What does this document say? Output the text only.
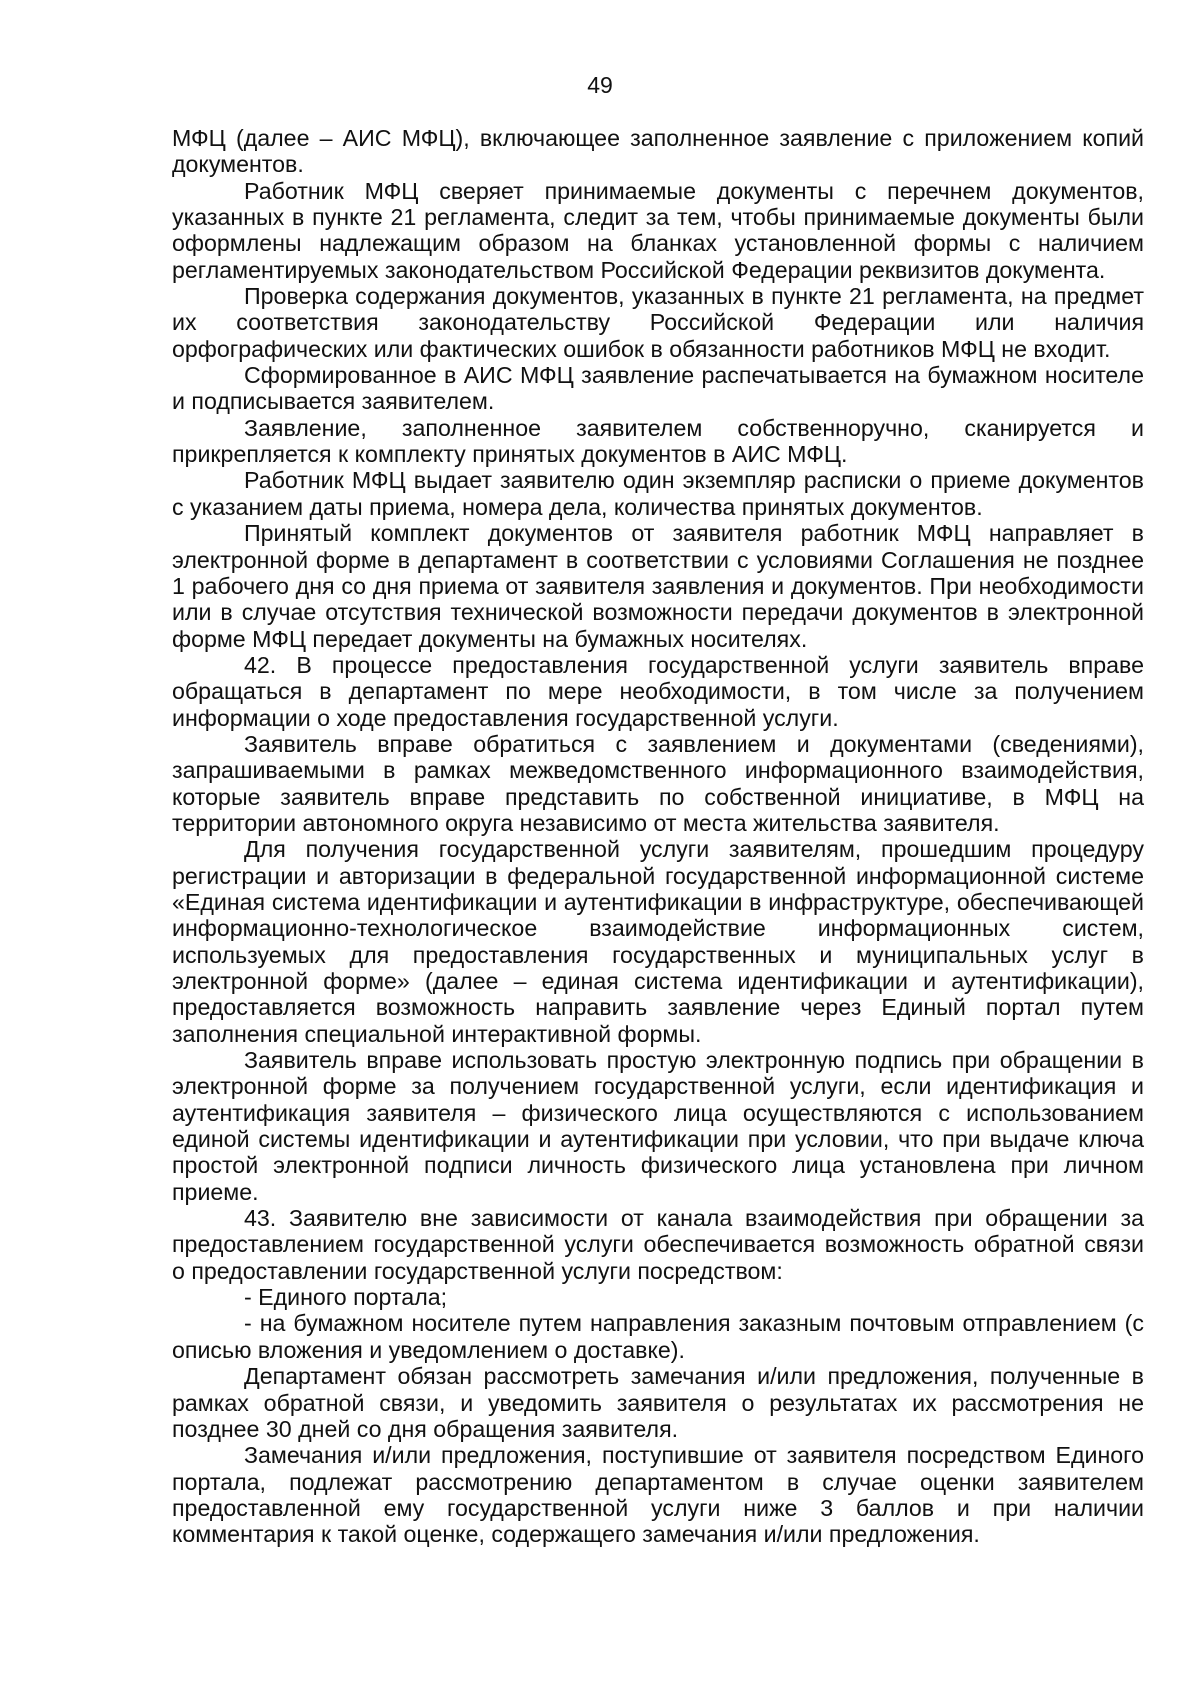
49

МФЦ (далее – АИС МФЦ), включающее заполненное заявление с приложением копий документов.

Работник МФЦ сверяет принимаемые документы с перечнем документов, указанных в пункте 21 регламента, следит за тем, чтобы принимаемые документы были оформлены надлежащим образом на бланках установленной формы с наличием регламентируемых законодательством Российской Федерации реквизитов документа.

Проверка содержания документов, указанных в пункте 21 регламента, на предмет их соответствия законодательству Российской Федерации или наличия орфографических или фактических ошибок в обязанности работников МФЦ не входит.

Сформированное в АИС МФЦ заявление распечатывается на бумажном носителе и подписывается заявителем.

Заявление, заполненное заявителем собственноручно, сканируется и прикрепляется к комплекту принятых документов в АИС МФЦ.

Работник МФЦ выдает заявителю один экземпляр расписки о приеме документов с указанием даты приема, номера дела, количества принятых документов.

Принятый комплект документов от заявителя работник МФЦ направляет в электронной форме в департамент в соответствии с условиями Соглашения не позднее 1 рабочего дня со дня приема от заявителя заявления и документов. При необходимости или в случае отсутствия технической возможности передачи документов в электронной форме МФЦ передает документы на бумажных носителях.

42. В процессе предоставления государственной услуги заявитель вправе обращаться в департамент по мере необходимости, в том числе за получением информации о ходе предоставления государственной услуги.

Заявитель вправе обратиться с заявлением и документами (сведениями), запрашиваемыми в рамках межведомственного информационного взаимодействия, которые заявитель вправе представить по собственной инициативе, в МФЦ на территории автономного округа независимо от места жительства заявителя.

Для получения государственной услуги заявителям, прошедшим процедуру регистрации и авторизации в федеральной государственной информационной системе «Единая система идентификации и аутентификации в инфраструктуре, обеспечивающей информационно-технологическое взаимодействие информационных систем, используемых для предоставления государственных и муниципальных услуг в электронной форме» (далее – единая система идентификации и аутентификации), предоставляется возможность направить заявление через Единый портал путем заполнения специальной интерактивной формы.

Заявитель вправе использовать простую электронную подпись при обращении в электронной форме за получением государственной услуги, если идентификация и аутентификация заявителя – физического лица осуществляются с использованием единой системы идентификации и аутентификации при условии, что при выдаче ключа простой электронной подписи личность физического лица установлена при личном приеме.

43. Заявителю вне зависимости от канала взаимодействия при обращении за предоставлением государственной услуги обеспечивается возможность обратной связи о предоставлении государственной услуги посредством:

- Единого портала;

- на бумажном носителе путем направления заказным почтовым отправлением (с описью вложения и уведомлением о доставке).

Департамент обязан рассмотреть замечания и/или предложения, полученные в рамках обратной связи, и уведомить заявителя о результатах их рассмотрения не позднее 30 дней со дня обращения заявителя.

Замечания и/или предложения, поступившие от заявителя посредством Единого портала, подлежат рассмотрению департаментом в случае оценки заявителем предоставленной ему государственной услуги ниже 3 баллов и при наличии комментария к такой оценке, содержащего замечания и/или предложения.
